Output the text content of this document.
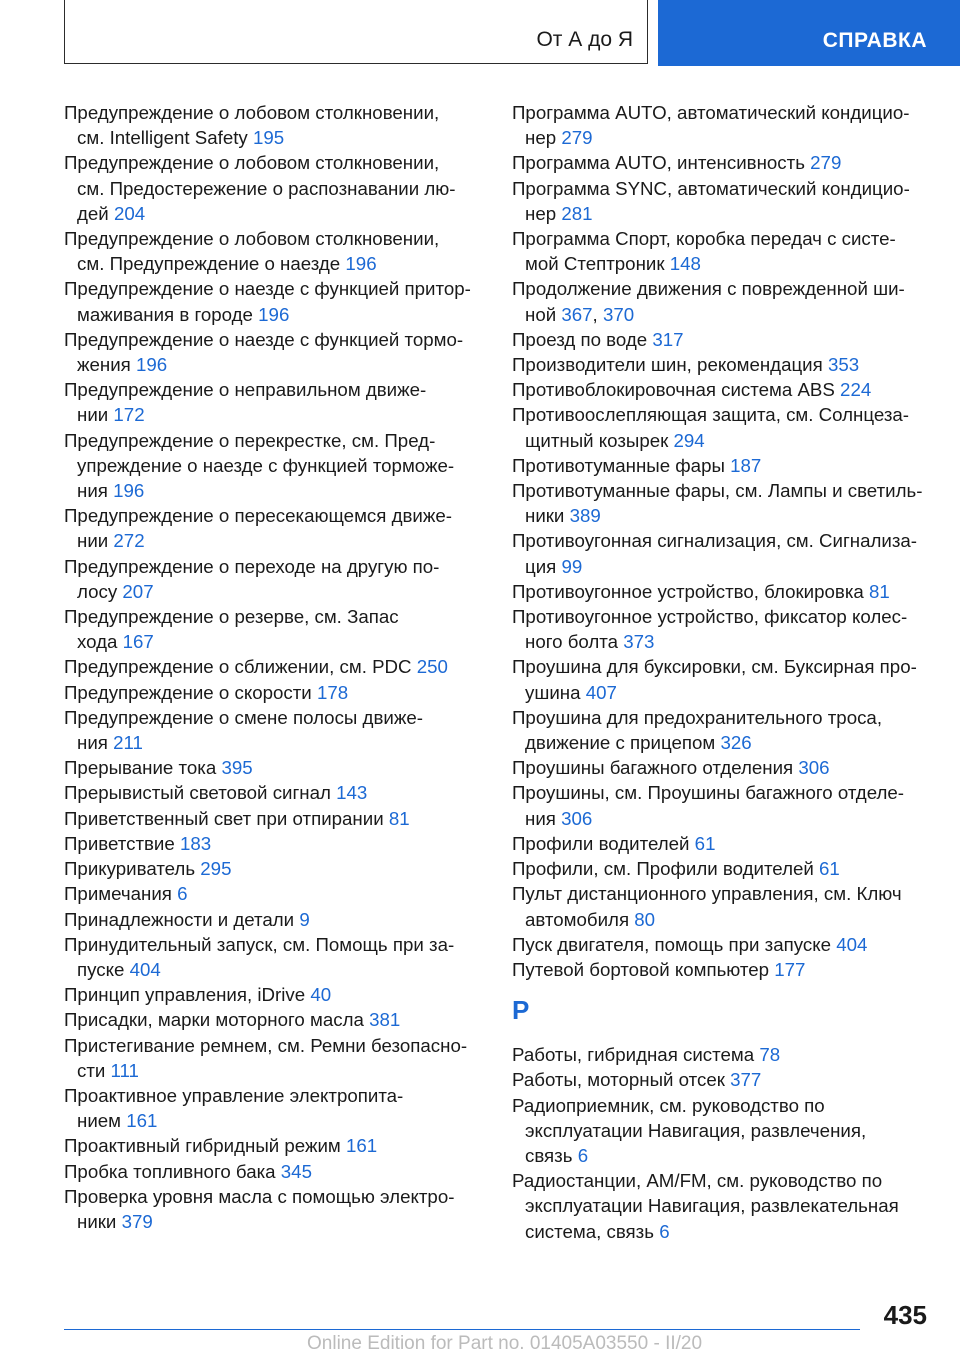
От А до Я	СПРАВКА
Предупреждение о лобовом столкновении,
см. Intelligent Safety 195
Предупреждение о лобовом столкновении,
см. Предостережение о распознавании лю-
дей 204
Предупреждение о лобовом столкновении,
см. Предупреждение о наезде 196
Предупреждение о наезде с функцией притор-
маживания в городе 196
Предупреждение о наезде с функцией тормо-
жения 196
Предупреждение о неправильном движе-
нии 172
Предупреждение о перекрестке, см. Пред-
упреждение о наезде с функцией торможе-
ния 196
Предупреждение о пересекающемся движе-
нии 272
Предупреждение о переходе на другую по-
лосу 207
Предупреждение о резерве, см. Запас
хода 167
Предупреждение о сближении, см. PDC 250
Предупреждение о скорости 178
Предупреждение о смене полосы движе-
ния 211
Прерывание тока 395
Прерывистый световой сигнал 143
Приветственный свет при отпирании 81
Приветствие 183
Прикуриватель 295
Примечания 6
Принадлежности и детали 9
Принудительный запуск, см. Помощь при за-
пуске 404
Принцип управления, iDrive 40
Присадки, марки моторного масла 381
Пристегивание ремнем, см. Ремни безопасно-
сти 111
Проактивное управление электропита-
нием 161
Проактивный гибридный режим 161
Пробка топливного бака 345
Проверка уровня масла с помощью электро-
ники 379
Программа AUTO, автоматический кондицио-
нер 279
Программа AUTO, интенсивность 279
Программа SYNC, автоматический кондицио-
нер 281
Программа Спорт, коробка передач с систе-
мой Стептроник 148
Продолжение движения с поврежденной ши-
ной 367, 370
Проезд по воде 317
Производители шин, рекомендация 353
Противоблокировочная система ABS 224
Противоослепляющая защита, см. Солнцеза-
щитный козырек 294
Противотуманные фары 187
Противотуманные фары, см. Лампы и светиль-
ники 389
Противоугонная сигнализация, см. Сигнализа-
ция 99
Противоугонное устройство, блокировка 81
Противоугонное устройство, фиксатор колес-
ного болта 373
Проушина для буксировки, см. Буксирная про-
ушина 407
Проушина для предохранительного троса,
движение с прицепом 326
Проушины багажного отделения 306
Проушины, см. Проушины багажного отделе-
ния 306
Профили водителей 61
Профили, см. Профили водителей 61
Пульт дистанционного управления, см. Ключ
автомобиля 80
Пуск двигателя, помощь при запуске 404
Путевой бортовой компьютер 177
Р
Работы, гибридная система 78
Работы, моторный отсек 377
Радиоприемник, см. руководство по
эксплуатации Навигация, развлечения,
связь 6
Радиостанции, AM/FM, см. руководство по
эксплуатации Навигация, развлекательная
система, связь 6
435
Online Edition for Part no. 01405A03550 - II/20
